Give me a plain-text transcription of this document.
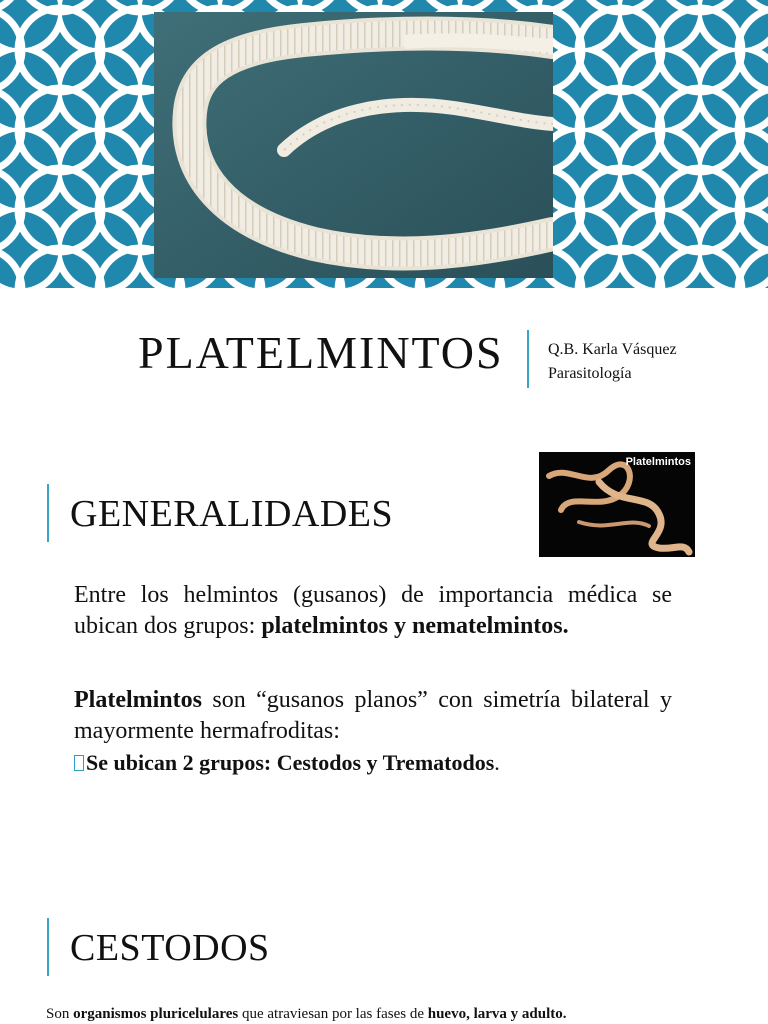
PLATELMINTOS	Q.B. Karla Vásquez
Parasitología
GENERALIDADES
Platelmintos

Entre los helmintos (gusanos) de importancia médica se ubican dos grupos: platelmintos y nematelmintos.

Platelmintos son “gusanos planos” con simetría bilateral y mayormente hermafroditas:

Se ubican 2 grupos: Cestodos y Trematodos.
CESTODOS
Son organismos pluricelulares que atraviesan por las fases de huevo, larva y adulto.
